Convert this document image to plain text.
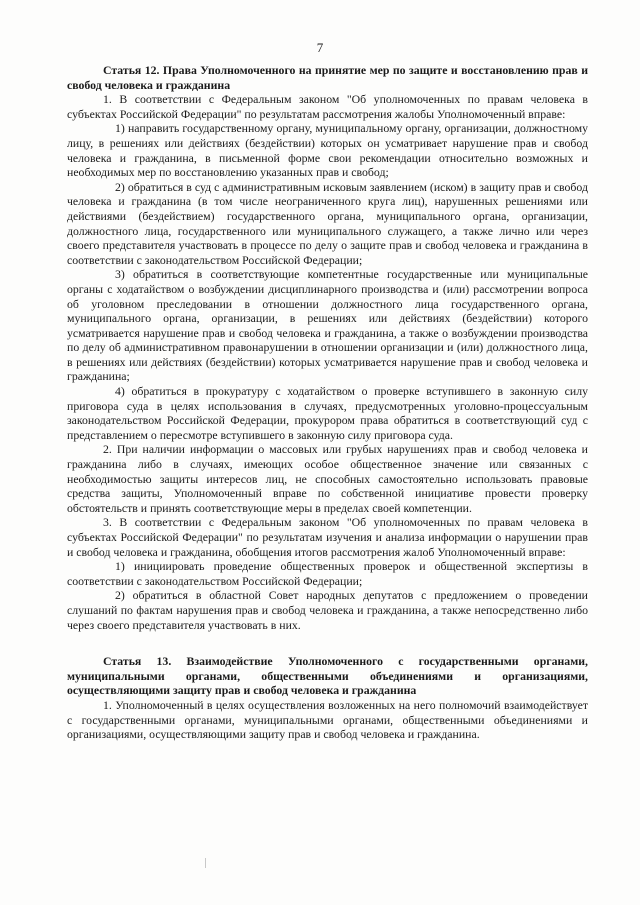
7

Статья 12. Права Уполномоченного на принятие мер по защите и восстановлению прав и свобод человека и гражданина

1. В соответствии с Федеральным законом "Об уполномоченных по правам человека в субъектах Российской Федерации" по результатам рассмотрения жалобы Уполномоченный вправе:

1) направить государственному органу, муниципальному органу, организации, должностному лицу, в решениях или действиях (бездействии) которых он усматривает нарушение прав и свобод человека и гражданина, в письменной форме свои рекомендации относительно возможных и необходимых мер по восстановлению указанных прав и свобод;

2) обратиться в суд с административным исковым заявлением (иском) в защиту прав и свобод человека и гражданина (в том числе неограниченного круга лиц), нарушенных решениями или действиями (бездействием) государственного органа, муниципального органа, организации, должностного лица, государственного или муниципального служащего, а также лично или через своего представителя участвовать в процессе по делу о защите прав и свобод человека и гражданина в соответствии с законодательством Российской Федерации;

3) обратиться в соответствующие компетентные государственные или муниципальные органы с ходатайством о возбуждении дисциплинарного производства и (или) рассмотрении вопроса об уголовном преследовании в отношении должностного лица государственного органа, муниципального органа, организации, в решениях или действиях (бездействии) которого усматривается нарушение прав и свобод человека и гражданина, а также о возбуждении производства по делу об административном правонарушении в отношении организации и (или) должностного лица, в решениях или действиях (бездействии) которых усматривается нарушение прав и свобод человека и гражданина;

4) обратиться в прокуратуру с ходатайством о проверке вступившего в законную силу приговора суда в целях использования в случаях, предусмотренных уголовно-процессуальным законодательством Российской Федерации, прокурором права обратиться в соответствующий суд с представлением о пересмотре вступившего в законную силу приговора суда.

2. При наличии информации о массовых или грубых нарушениях прав и свобод человека и гражданина либо в случаях, имеющих особое общественное значение или связанных с необходимостью защиты интересов лиц, не способных самостоятельно использовать правовые средства защиты, Уполномоченный вправе по собственной инициативе провести проверку обстоятельств и принять соответствующие меры в пределах своей компетенции.

3. В соответствии с Федеральным законом "Об уполномоченных по правам человека в субъектах Российской Федерации" по результатам изучения и анализа информации о нарушении прав и свобод человека и гражданина, обобщения итогов рассмотрения жалоб Уполномоченный вправе:

1) инициировать проведение общественных проверок и общественной экспертизы в соответствии с законодательством Российской Федерации;

2) обратиться в областной Совет народных депутатов с предложением о проведении слушаний по фактам нарушения прав и свобод человека и гражданина, а также непосредственно либо через своего представителя участвовать в них.

Статья 13. Взаимодействие Уполномоченного с государственными органами, муниципальными органами, общественными объединениями и организациями, осуществляющими защиту прав и свобод человека и гражданина

1. Уполномоченный в целях осуществления возложенных на него полномочий взаимодействует с государственными органами, муниципальными органами, общественными объединениями и организациями, осуществляющими защиту прав и свобод человека и гражданина.
